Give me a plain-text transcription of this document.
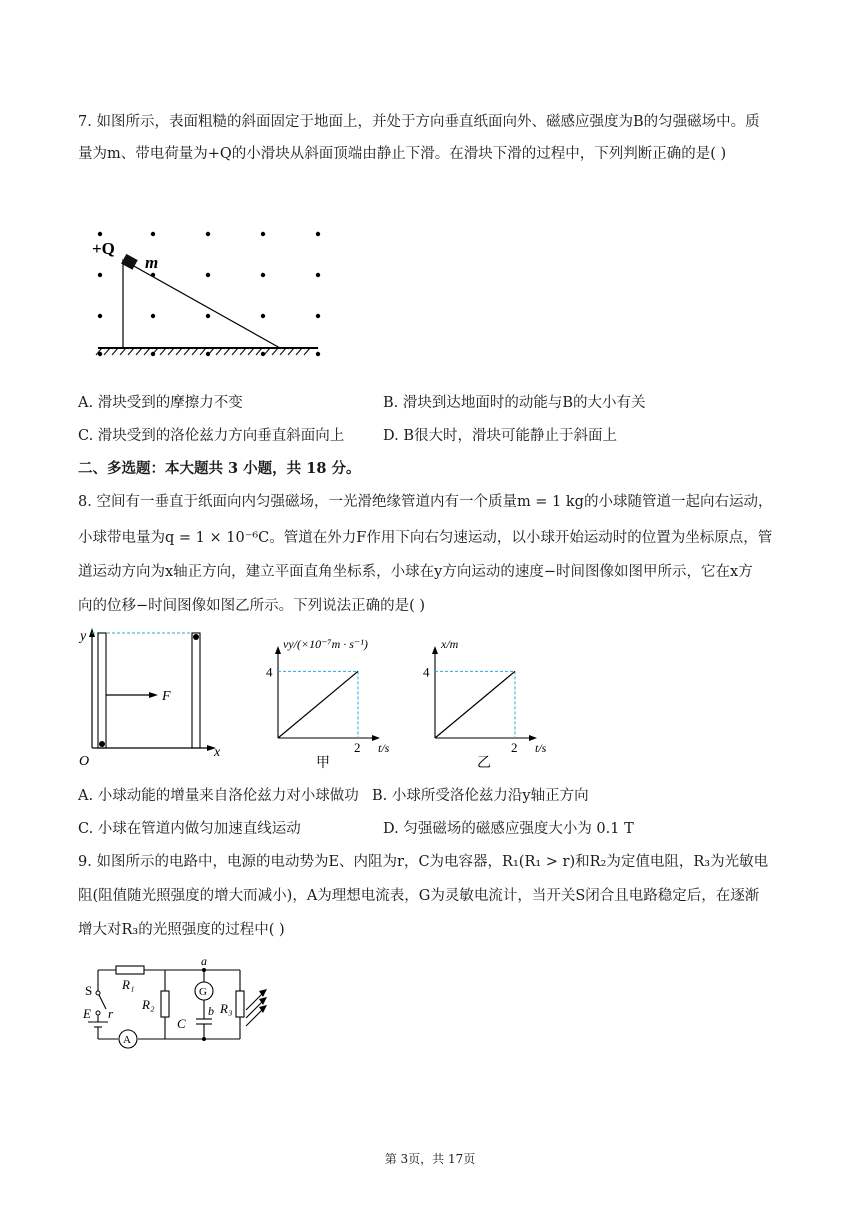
7. 如图所示，表面粗糙的斜面固定于地面上，并处于方向垂直纸面向外、磁感应强度为B的匀强磁场中。质
量为m、带电荷量为+Q的小滑块从斜面顶端由静止下滑。在滑块下滑的过程中，下列判断正确的是( )
+Q
m
A. 滑块受到的摩擦力不变	B. 滑块到达地面时的动能与B的大小有关
C. 滑块受到的洛伦兹力方向垂直斜面向上	D. B很大时，滑块可能静止于斜面上
二、多选题：本大题共 3 小题，共 18 分。
8. 空间有一垂直于纸面向内匀强磁场，一光滑绝缘管道内有一个质量m = 1 kg的小球随管道一起向右运动，
小球带电量为q = 1 × 10⁻⁶C。管道在外力F作用下向右匀速运动，以小球开始运动时的位置为坐标原点，管
道运动方向为x轴正方向，建立平面直角坐标系，小球在y方向运动的速度−时间图像如图甲所示，它在x方
向的位移−时间图像如图乙所示。下列说法正确的是( )
y
x
O
F
vy/(×10⁻⁷m · s⁻¹)
t/s
甲
4
2
x/m
t/s
乙
4
2
A. 小球动能的增量来自洛伦兹力对小球做功 B. 小球所受洛伦兹力沿y轴正方向
C. 小球在管道内做匀加速直线运动	D. 匀强磁场的磁感应强度大小为 0.1 T
9. 如图所示的电路中，电源的电动势为E、内阻为r，C为电容器，R₁(R₁ > r)和R₂为定值电阻，R₃为光敏电
阻(阻值随光照强度的增大而减小)，A为理想电流表，G为灵敏电流计，当开关S闭合且电路稳定后，在逐渐
增大对R₃的光照强度的过程中( )
S
E r
R₁
R₂	R₃
C
G
A
a
b
第 3页，共 17页
